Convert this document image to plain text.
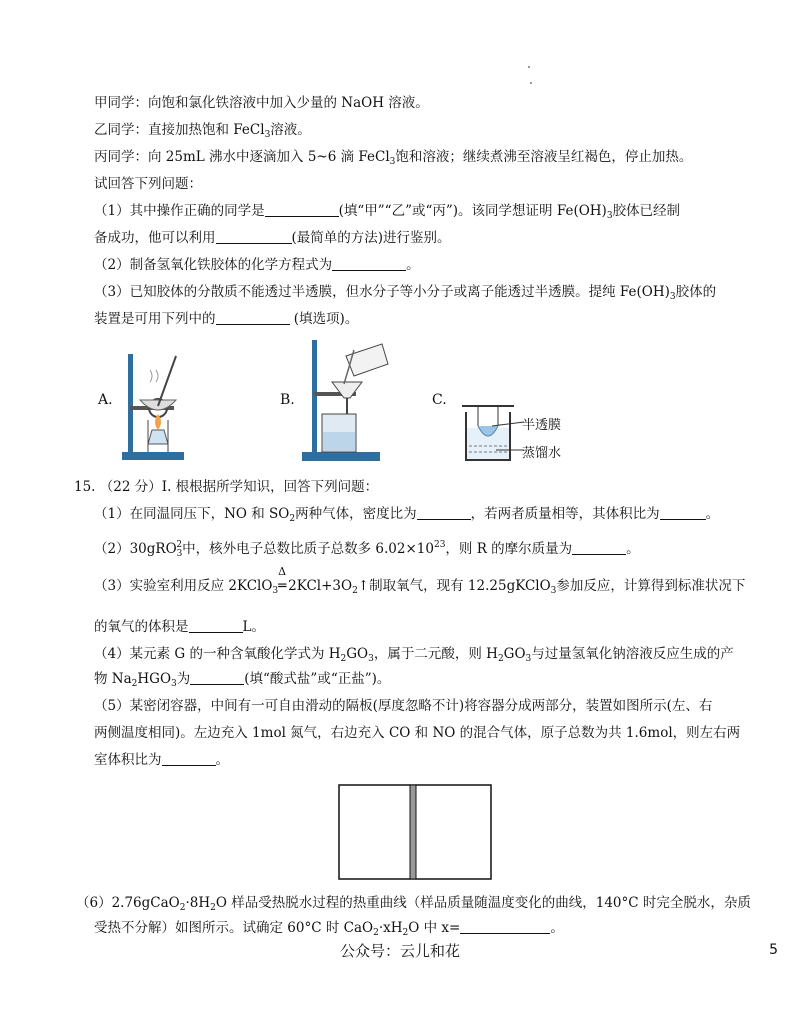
甲同学：向饱和氯化铁溶液中加入少量的 NaOH 溶液。
乙同学：直接加热饱和 FeCl$_3$溶液。
丙同学：向 25mL 沸水中逐滴加入 5~6 滴 FeCl$_3$饱和溶液；继续煮沸至溶液呈红褐色，停止加热。
试回答下列问题：
（1）其中操作正确的同学是	(填“甲”“乙”或“丙”)。该同学想证明 $Fe(OH)_3$胶体已经制
备成功，他可以利用	(最简单的方法)进行鉴别。
（2）制备氢氧化铁胶体的化学方程式为	。
（3）已知胶体的分散质不能透过半透膜，但水分子等小分子或离子能透过半透膜。提纯 $Fe(OH)_3$胶体的
装置是可用下列中的	(填选项)。
A.	B.	C.
半透膜
蒸馏水
15. （22 分）I. 根根据所学知识，回答下列问题：
（1）在同温同压下，NO 和 $SO_2$两种气体，密度比为	，若两者质量相等，其体积比为	。
（2）30gRO$_3^2$中，核外电子总数比质子总数多 $6.02\times 10^{23}$，则 R 的摩尔质量为	。
（3）实验室利用反应 2KClO$_3$
Δ
═ $2KCl+3O_2↑$制取氧气，现有 12.25gKClO$_3$参加反应，计算得到标准状况下
的氧气的体积是	L。
（4）某元素 G 的一种含氧酸化学式为 $H_2GO_3$，属于二元酸，则 $H_2GO_3$与过量氢氧化钠溶液反应生成的产
物 $Na_2HGO_3$为	(填“酸式盐”或“正盐”)。
（5）某密闭容器，中间有一可自由滑动的隔板(厚度忽略不计)将容器分成两部分，装置如图所示(左、右
两侧温度相同)。左边充入 1mol 氮气，右边充入 CO 和 NO 的混合气体，原子总数为共 1.6mol，则左右两
室体积比为	。
$(6)2.76gCaO_2\cdot 8H_2O$ 样品受热脱水过程的热重曲线（样品质量随温度变化的曲线，140°C 时完全脱水，杂质
受热不分解）如图所示。试确定 60°C 时 $CaO_2\cdot xH_2O$ 中 x=	。
公众号：云儿和花	5
